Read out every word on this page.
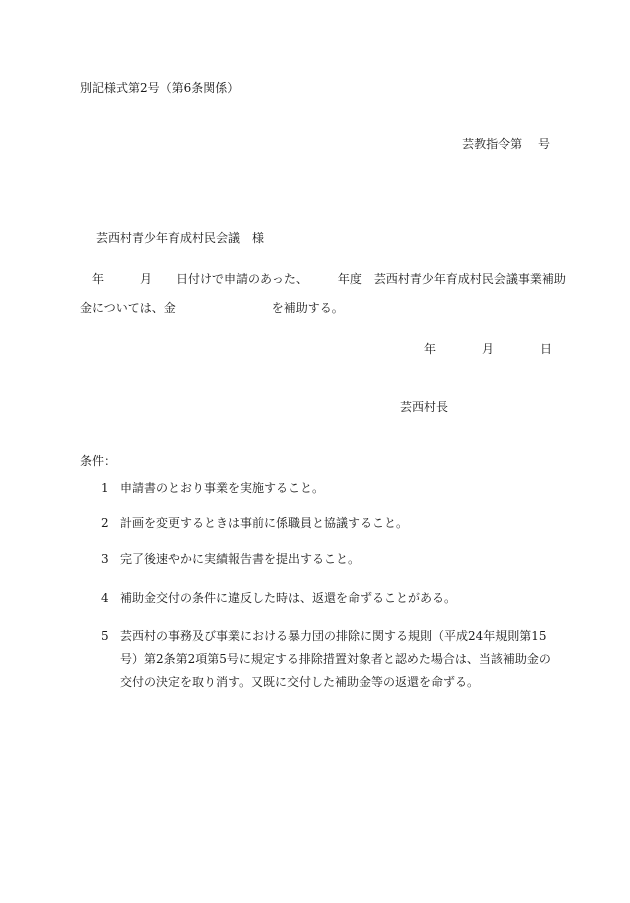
別記様式第2号（第6条関係）
芸教指令第　 号
芸西村青少年育成村民会議　様
　年　　　月　　日付けで申請のあった、　　　年度　芸西村青少年育成村民会議事業補助
金については、金　　　　　　　　を補助する。
年	月	日
芸西村長
条件：
1 申請書のとおり事業を実施すること。
2 計画を変更するときは事前に係職員と協議すること。
3 完了後速やかに実績報告書を提出すること。
4 補助金交付の条件に違反した時は、返還を命ずることがある。
5 芸西村の事務及び事業における暴力団の排除に関する規則（平成24年規則第15号）第2条第2項第5号に規定する排除措置対象者と認めた場合は、当該補助金の交付の決定を取り消す。又既に交付した補助金等の返還を命ずる。
